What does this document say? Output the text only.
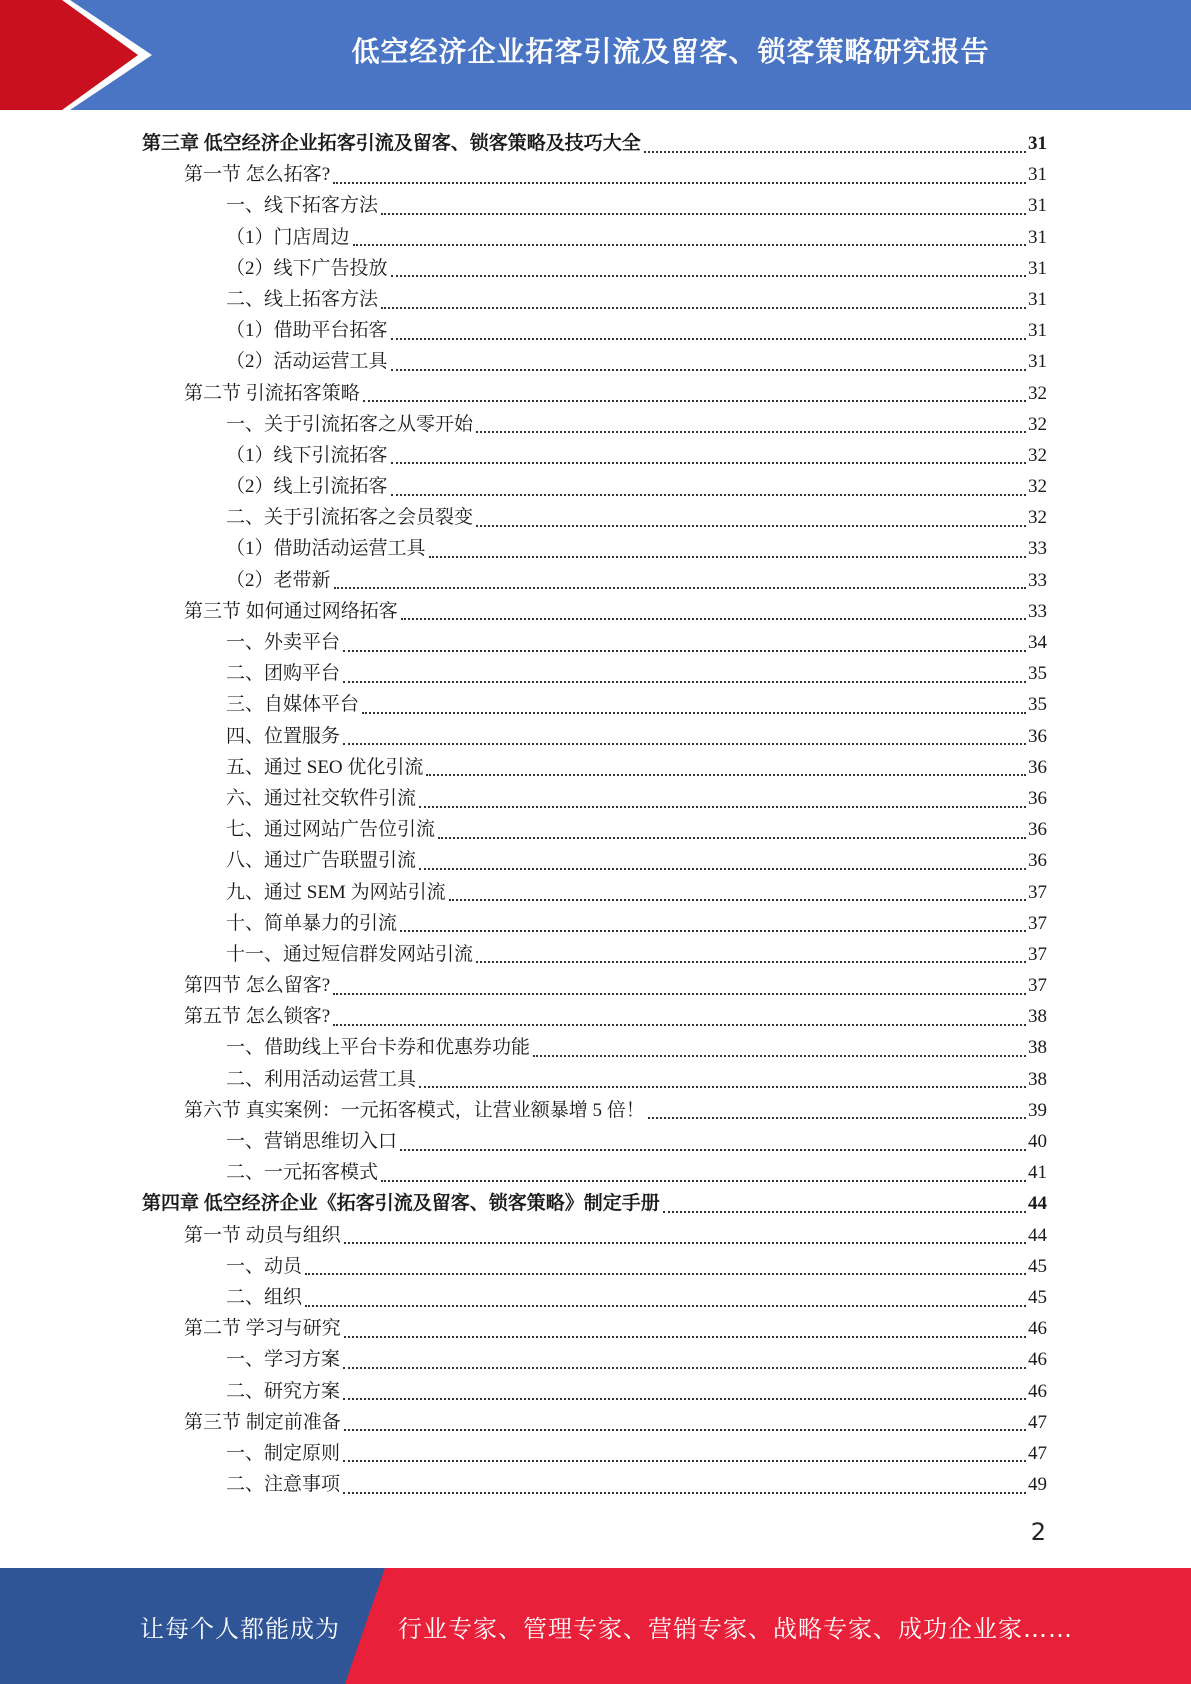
低空经济企业拓客引流及留客、锁客策略研究报告
第三章 低空经济企业拓客引流及留客、锁客策略及技巧大全	31
第一节 怎么拓客?	31
一、线下拓客方法	31
（1）门店周边	31
（2）线下广告投放	31
二、线上拓客方法	31
（1）借助平台拓客	31
（2）活动运营工具	31
第二节 引流拓客策略	32
一、关于引流拓客之从零开始	32
（1）线下引流拓客	32
（2）线上引流拓客	32
二、关于引流拓客之会员裂变	32
（1）借助活动运营工具	33
（2）老带新	33
第三节 如何通过网络拓客	33
一、外卖平台	34
二、团购平台	35
三、自媒体平台	35
四、位置服务	36
五、通过 SEO 优化引流	36
六、通过社交软件引流	36
七、通过网站广告位引流	36
八、通过广告联盟引流	36
九、通过 SEM 为网站引流	37
十、简单暴力的引流	37
十一、通过短信群发网站引流	37
第四节 怎么留客?	37
第五节 怎么锁客?	38
一、借助线上平台卡券和优惠券功能	38
二、利用活动运营工具	38
第六节 真实案例：一元拓客模式，让营业额暴增 5 倍！	39
一、营销思维切入口	40
二、一元拓客模式	41
第四章 低空经济企业《拓客引流及留客、锁客策略》制定手册	44
第一节 动员与组织	44
一、动员	45
二、组织	45
第二节 学习与研究	46
一、学习方案	46
二、研究方案	46
第三节 制定前准备	47
一、制定原则	47
二、注意事项	49
2
让每个人都能成为 行业专家、管理专家、营销专家、战略专家、成功企业家……
